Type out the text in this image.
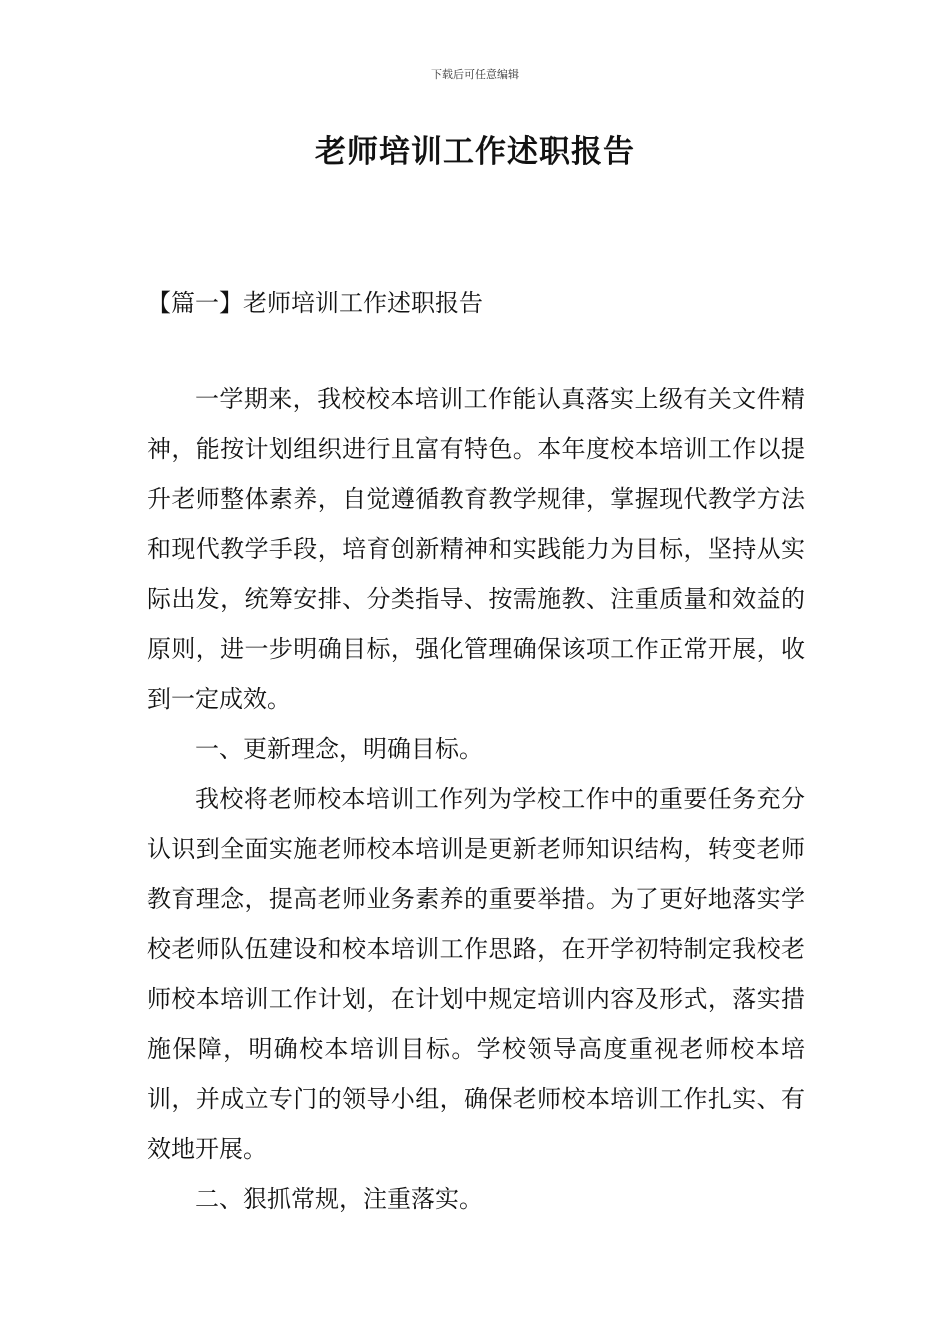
下载后可任意编辑
老师培训工作述职报告
【篇一】老师培训工作述职报告

一学期来，我校校本培训工作能认真落实上级有关文件精神，能按计划组织进行且富有特色。本年度校本培训工作以提升老师整体素养，自觉遵循教育教学规律，掌握现代教学方法和现代教学手段，培育创新精神和实践能力为目标，坚持从实际出发，统筹安排、分类指导、按需施教、注重质量和效益的原则，进一步明确目标，强化管理确保该项工作正常开展，收到一定成效。

一、更新理念，明确目标。

我校将老师校本培训工作列为学校工作中的重要任务充分认识到全面实施老师校本培训是更新老师知识结构，转变老师教育理念，提高老师业务素养的重要举措。为了更好地落实学校老师队伍建设和校本培训工作思路，在开学初特制定我校老师校本培训工作计划，在计划中规定培训内容及形式，落实措施保障，明确校本培训目标。学校领导高度重视老师校本培训，并成立专门的领导小组，确保老师校本培训工作扎实、有效地开展。

二、狠抓常规，注重落实。
